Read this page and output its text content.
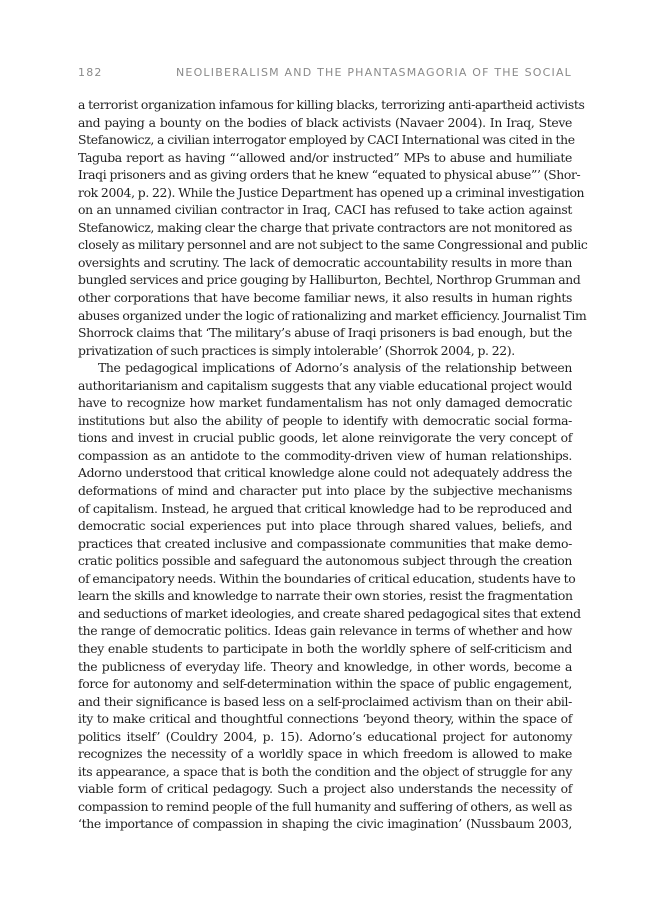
182	NEOLIBERALISM AND THE PHANTASMAGORIA OF THE SOCIAL
a terrorist organization infamous for killing blacks, terrorizing anti-apartheid activists
and paying a bounty on the bodies of black activists (Navaer 2004). In Iraq, Steve
Stefanowicz, a civilian interrogator employed by CACI International was cited in the
Taguba report as having “‘allowed and/or instructed” MPs to abuse and humiliate
Iraqi prisoners and as giving orders that he knew “equated to physical abuse”’ (Shor-
rok 2004, p. 22). While the Justice Department has opened up a criminal investigation
on an unnamed civilian contractor in Iraq, CACI has refused to take action against
Stefanowicz, making clear the charge that private contractors are not monitored as
closely as military personnel and are not subject to the same Congressional and public
oversights and scrutiny. The lack of democratic accountability results in more than
bungled services and price gouging by Halliburton, Bechtel, Northrop Grumman and
other corporations that have become familiar news, it also results in human rights
abuses organized under the logic of rationalizing and market efficiency. Journalist Tim
Shorrock claims that ‘The military’s abuse of Iraqi prisoners is bad enough, but the
privatization of such practices is simply intolerable’ (Shorrok 2004, p. 22).
The pedagogical implications of Adorno’s analysis of the relationship between
authoritarianism and capitalism suggests that any viable educational project would
have to recognize how market fundamentalism has not only damaged democratic
institutions but also the ability of people to identify with democratic social forma-
tions and invest in crucial public goods, let alone reinvigorate the very concept of
compassion as an antidote to the commodity-driven view of human relationships.
Adorno understood that critical knowledge alone could not adequately address the
deformations of mind and character put into place by the subjective mechanisms
of capitalism. Instead, he argued that critical knowledge had to be reproduced and
democratic social experiences put into place through shared values, beliefs, and
practices that created inclusive and compassionate communities that make demo-
cratic politics possible and safeguard the autonomous subject through the creation
of emancipatory needs. Within the boundaries of critical education, students have to
learn the skills and knowledge to narrate their own stories, resist the fragmentation
and seductions of market ideologies, and create shared pedagogical sites that extend
the range of democratic politics. Ideas gain relevance in terms of whether and how
they enable students to participate in both the worldly sphere of self-criticism and
the publicness of everyday life. Theory and knowledge, in other words, become a
force for autonomy and self-determination within the space of public engagement,
and their significance is based less on a self-proclaimed activism than on their abil-
ity to make critical and thoughtful connections ‘beyond theory, within the space of
politics itself’ (Couldry 2004, p. 15). Adorno’s educational project for autonomy
recognizes the necessity of a worldly space in which freedom is allowed to make
its appearance, a space that is both the condition and the object of struggle for any
viable form of critical pedagogy. Such a project also understands the necessity of
compassion to remind people of the full humanity and suffering of others, as well as
‘the importance of compassion in shaping the civic imagination’ (Nussbaum 2003,
